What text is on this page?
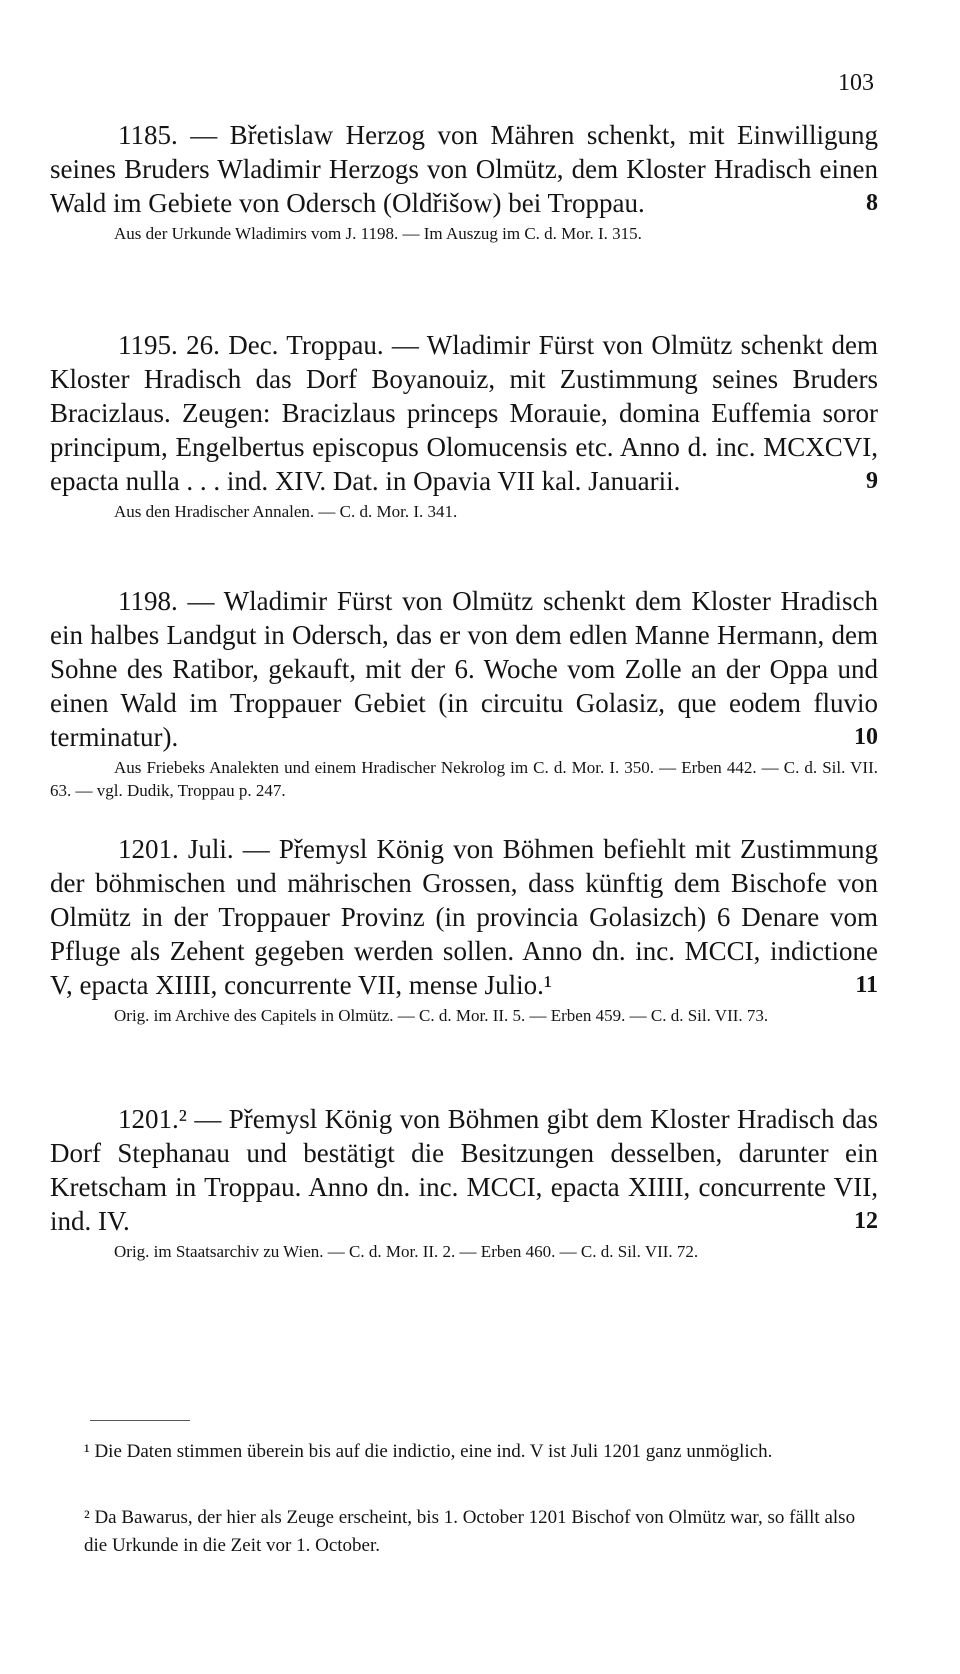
103
1185. — Břetislaw Herzog von Mähren schenkt, mit Einwilligung seines Bruders Wladimir Herzogs von Olmütz, dem Kloster Hradisch einen Wald im Gebiete von Odersch (Oldřišow) bei Troppau.	8
Aus der Urkunde Wladimirs vom J. 1198. — Im Auszug im C. d. Mor. I. 315.
1195. 26. Dec. Troppau. — Wladimir Fürst von Olmütz schenkt dem Kloster Hradisch das Dorf Boyanouiz, mit Zustimmung seines Bruders Bracizlaus. Zeugen: Bracizlaus princeps Morauie, domina Euffemia soror principum, Engelbertus episcopus Olomucensis etc. Anno d. inc. MCXCVI, epacta nulla . . . ind. XIV. Dat. in Opavia VII kal. Januarii.	9
Aus den Hradischer Annalen. — C. d. Mor. I. 341.
1198. — Wladimir Fürst von Olmütz schenkt dem Kloster Hradisch ein halbes Landgut in Odersch, das er von dem edlen Manne Hermann, dem Sohne des Ratibor, gekauft, mit der 6. Woche vom Zolle an der Oppa und einen Wald im Troppauer Gebiet (in circuitu Golasiz, que eodem fluvio terminatur).	10
Aus Friebeks Analekten und einem Hradischer Nekrolog im C. d. Mor. I. 350. — Erben 442. — C. d. Sil. VII. 63. — vgl. Dudik, Troppau p. 247.
1201. Juli. — Přemysl König von Böhmen befiehlt mit Zustimmung der böhmischen und mährischen Grossen, dass künftig dem Bischofe von Olmütz in der Troppauer Provinz (in provincia Golasizch) 6 Denare vom Pfluge als Zehent gegeben werden sollen. Anno dn. inc. MCCI, indictione V, epacta XIIII, concurrente VII, mense Julio.¹	11
Orig. im Archive des Capitels in Olmütz. — C. d. Mor. II. 5. — Erben 459. — C. d. Sil. VII. 73.
1201.² — Přemysl König von Böhmen gibt dem Kloster Hradisch das Dorf Stephanau und bestätigt die Besitzungen desselben, darunter ein Kretscham in Troppau. Anno dn. inc. MCCI, epacta XIIII, concurrente VII, ind. IV.	12
Orig. im Staatsarchiv zu Wien. — C. d. Mor. II. 2. — Erben 460. — C. d. Sil. VII. 72.
¹ Die Daten stimmen überein bis auf die indictio, eine ind. V ist Juli 1201 ganz unmöglich.
² Da Bawarus, der hier als Zeuge erscheint, bis 1. October 1201 Bischof von Olmütz war, so fällt also die Urkunde in die Zeit vor 1. October.
